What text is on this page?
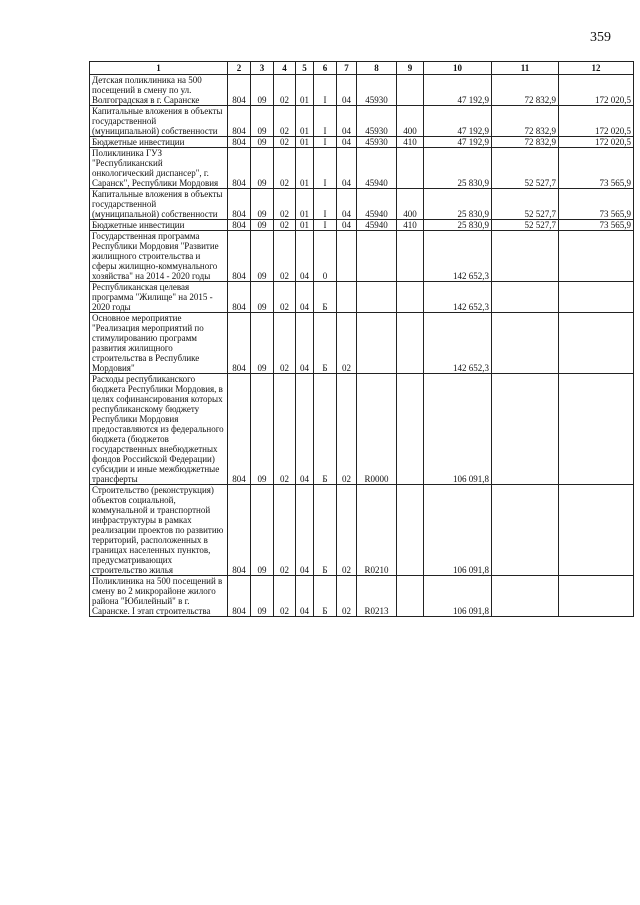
359
1	2	3	4	5	6	7	8	9	10	11	12
Детская поликлиника на 500 посещений в смену по ул. Волгоградская в г. Саранске	804	09	02	01	I	04	45930		47 192,9	72 832,9	172 020,5
Капитальные вложения в объекты государственной (муниципальной) собственности	804	09	02	01	I	04	45930	400	47 192,9	72 832,9	172 020,5
Бюджетные инвестиции	804	09	02	01	I	04	45930	410	47 192,9	72 832,9	172 020,5
Поликлиника ГУЗ "Республиканский онкологический диспансер", г. Саранск", Республики Мордовия	804	09	02	01	I	04	45940		25 830,9	52 527,7	73 565,9
Капитальные вложения в объекты государственной (муниципальной) собственности	804	09	02	01	I	04	45940	400	25 830,9	52 527,7	73 565,9
Бюджетные инвестиции	804	09	02	01	I	04	45940	410	25 830,9	52 527,7	73 565,9
Государственная программа Республики Мордовия "Развитие жилищного строительства и сферы жилищно-коммунального хозяйства" на 2014 - 2020 годы	804	09	02	04	0				142 652,3		
Республиканская целевая программа "Жилище" на 2015 - 2020 годы	804	09	02	04	Б				142 652,3		
Основное мероприятие "Реализация мероприятий по стимулированию программ развития жилищного строительства в Республике Мордовия"	804	09	02	04	Б	02			142 652,3		
Расходы республиканского бюджета Республики Мордовия, в целях софинансирования которых республиканскому бюджету Республики Мордовия предоставляются из федерального бюджета (бюджетов государственных внебюджетных фондов Российской Федерации) субсидии и иные межбюджетные трансферты	804	09	02	04	Б	02	R0000		106 091,8		
Строительство (реконструкция) объектов социальной, коммунальной и транспортной инфраструктуры в рамках реализации проектов по развитию территорий, расположенных в границах населенных пунктов, предусматривающих строительство жилья	804	09	02	04	Б	02	R0210		106 091,8		
Поликлиника на 500 посещений в смену во 2 микрорайоне жилого района "Юбилейный" в г. Саранске. I этап строительства	804	09	02	04	Б	02	R0213		106 091,8		
